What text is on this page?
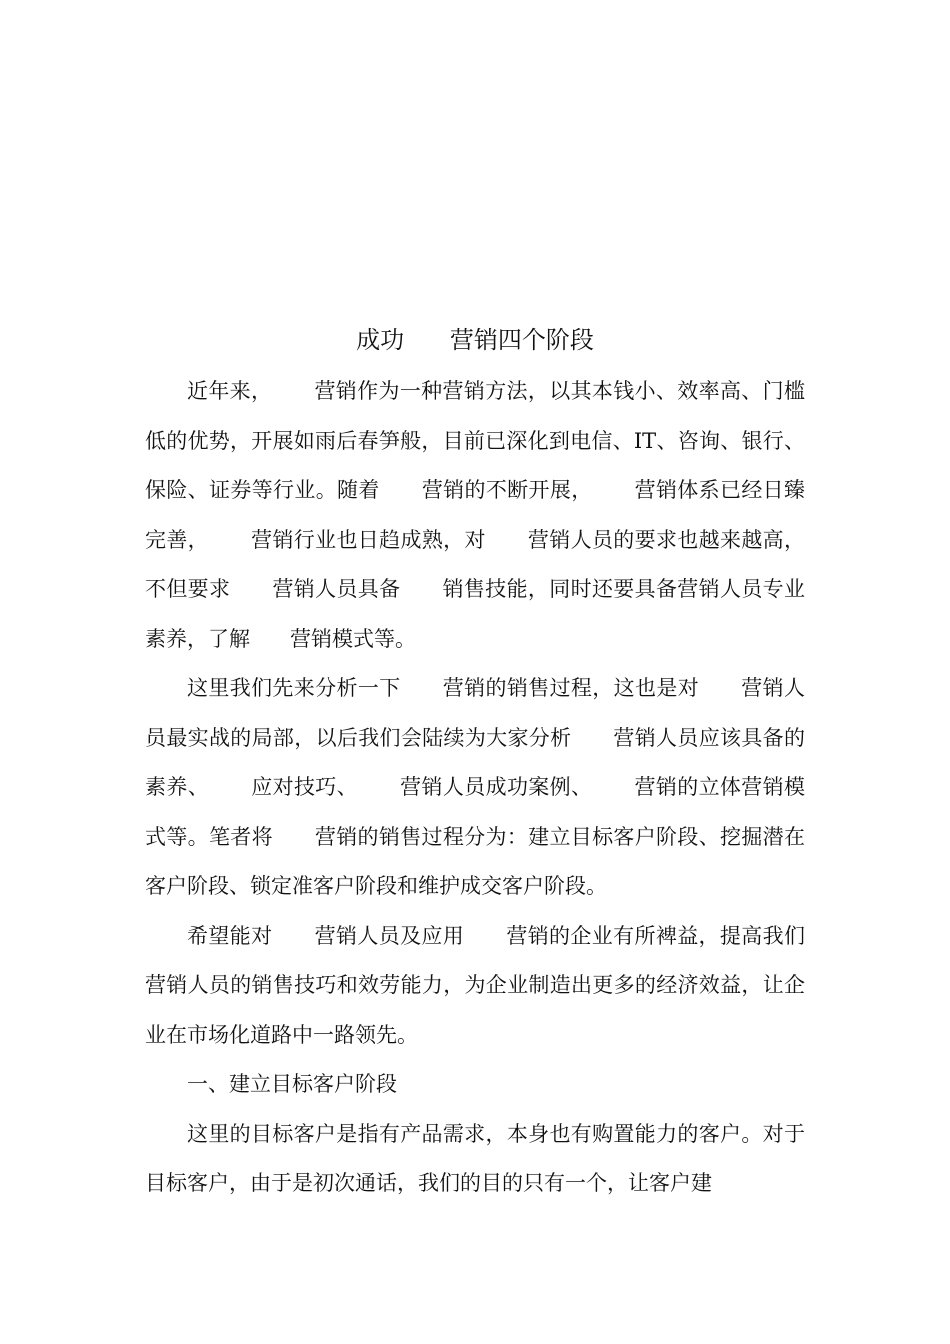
成功      营销四个阶段

近年来，      营销作为一种营销方法，以其本钱小、效率高、门槛低的优势，开展如雨后春笋般，目前已深化到电信、IT、咨询、银行、保险、证券等行业。随着      营销的不断开展，      营销体系已经日臻完善，      营销行业也日趋成熟，对      营销人员的要求也越来越高，不但要求      营销人员具备      销售技能，同时还要具备营销人员专业素养，了解      营销模式等。

这里我们先来分析一下      营销的销售过程，这也是对      营销人员最实战的局部，以后我们会陆续为大家分析      营销人员应该具备的素养、      应对技巧、      营销人员成功案例、      营销的立体营销模式等。笔者将      营销的销售过程分为：建立目标客户阶段、挖掘潜在客户阶段、锁定准客户阶段和维护成交客户阶段。

希望能对      营销人员及应用      营销的企业有所裨益，提高我们      营销人员的销售技巧和效劳能力，为企业制造出更多的经济效益，让企业在市场化道路中一路领先。

一、建立目标客户阶段

这里的目标客户是指有产品需求，本身也有购置能力的客户。对于目标客户，由于是初次通话，我们的目的只有一个，让客户建
